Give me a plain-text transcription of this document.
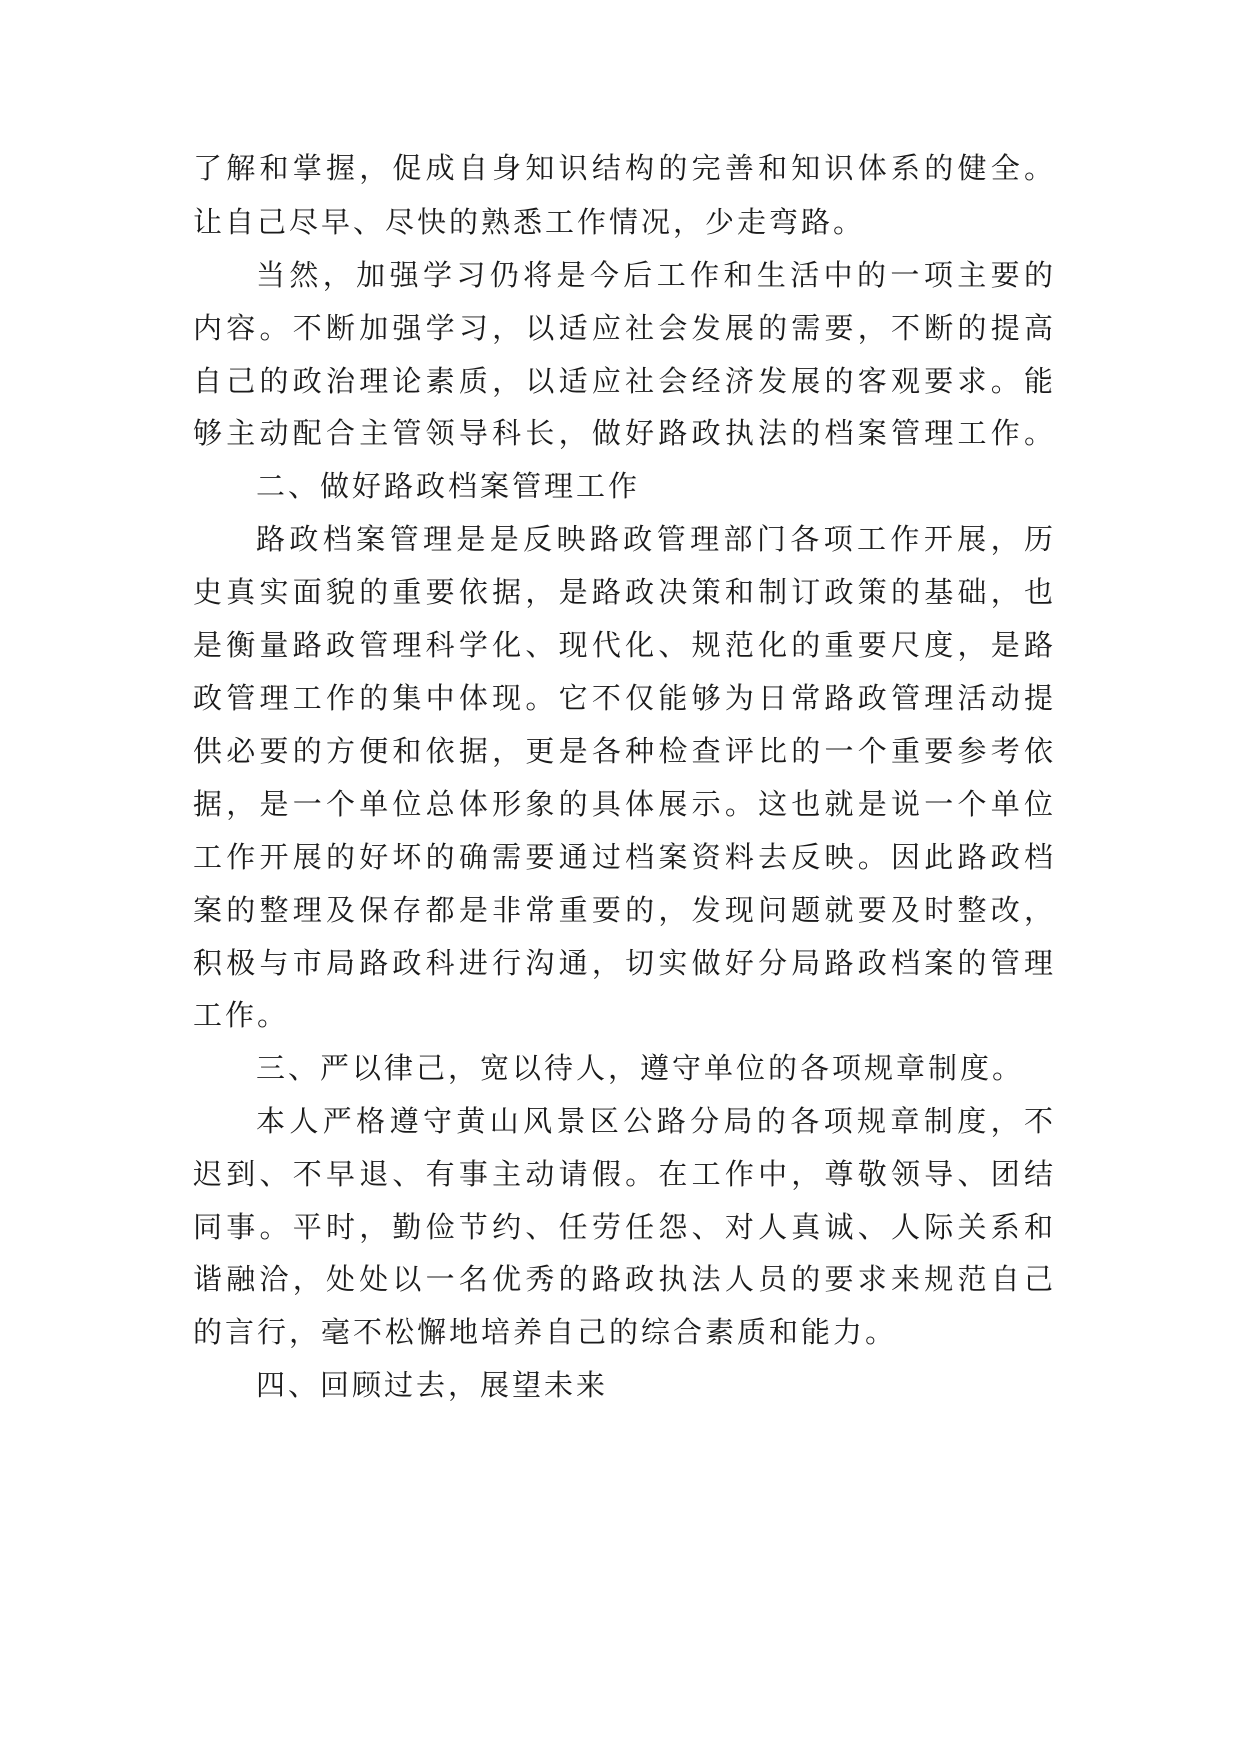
了解和掌握，促成自身知识结构的完善和知识体系的健全。
让自己尽早、尽快的熟悉工作情况，少走弯路。
当然，加强学习仍将是今后工作和生活中的一项主要的
内容。不断加强学习，以适应社会发展的需要，不断的提高
自己的政治理论素质，以适应社会经济发展的客观要求。能
够主动配合主管领导科长，做好路政执法的档案管理工作。
二、做好路政档案管理工作
路政档案管理是是反映路政管理部门各项工作开展，历
史真实面貌的重要依据，是路政决策和制订政策的基础，也
是衡量路政管理科学化、现代化、规范化的重要尺度，是路
政管理工作的集中体现。它不仅能够为日常路政管理活动提
供必要的方便和依据，更是各种检查评比的一个重要参考依
据，是一个单位总体形象的具体展示。这也就是说一个单位
工作开展的好坏的确需要通过档案资料去反映。因此路政档
案的整理及保存都是非常重要的，发现问题就要及时整改，
积极与市局路政科进行沟通，切实做好分局路政档案的管理
工作。
三、严以律己，宽以待人，遵守单位的各项规章制度。
本人严格遵守黄山风景区公路分局的各项规章制度，不
迟到、不早退、有事主动请假。在工作中，尊敬领导、团结
同事。平时，勤俭节约、任劳任怨、对人真诚、人际关系和
谐融洽，处处以一名优秀的路政执法人员的要求来规范自己
的言行，毫不松懈地培养自己的综合素质和能力。
四、回顾过去，展望未来
